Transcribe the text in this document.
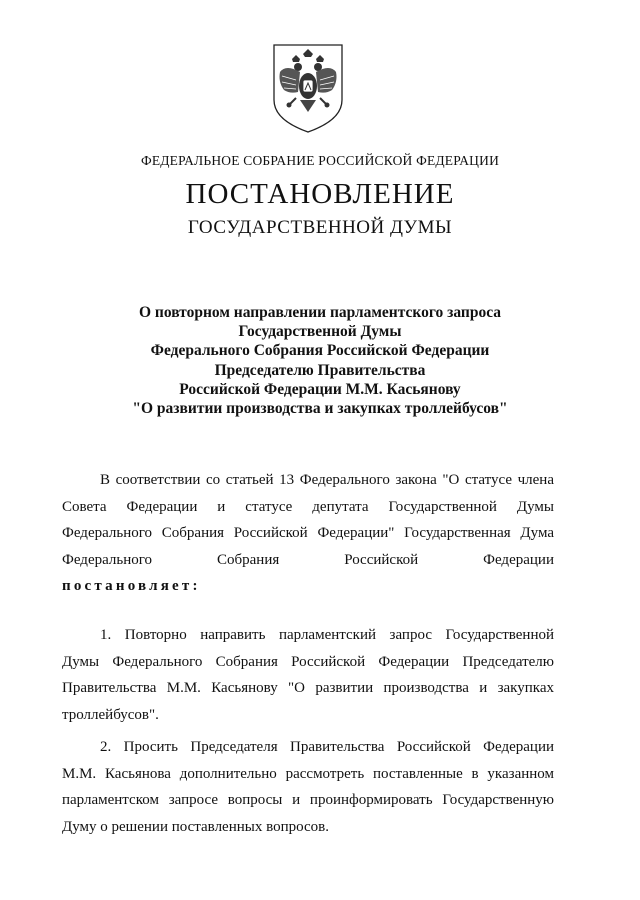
ФЕДЕРАЛЬНОЕ СОБРАНИЕ РОССИЙСКОЙ ФЕДЕРАЦИИ
ПОСТАНОВЛЕНИЕ
ГОСУДАРСТВЕННОЙ ДУМЫ
О повторном направлении парламентского запроса
Государственной Думы
Федерального Собрания Российской Федерации
Председателю Правительства
Российской Федерации М.М. Касьянову
"О развитии производства и закупках троллейбусов"
В соответствии со статьей 13 Федерального закона "О статусе члена
Совета Федерации и статусе депутата Государственной Думы
Федерального Собрания Российской Федерации" Государственная Дума
Федерального	Собрания	Российской	Федерации
постановляет:
1. Повторно направить парламентский запрос Государственной
Думы Федерального Собрания Российской Федерации Председателю
Правительства М.М. Касьянову "О развитии производства и закупках
троллейбусов".
2. Просить Председателя Правительства Российской Федерации
М.М. Касьянова дополнительно рассмотреть поставленные в указанном
парламентском запросе вопросы и проинформировать Государственную
Думу о решении поставленных вопросов.
